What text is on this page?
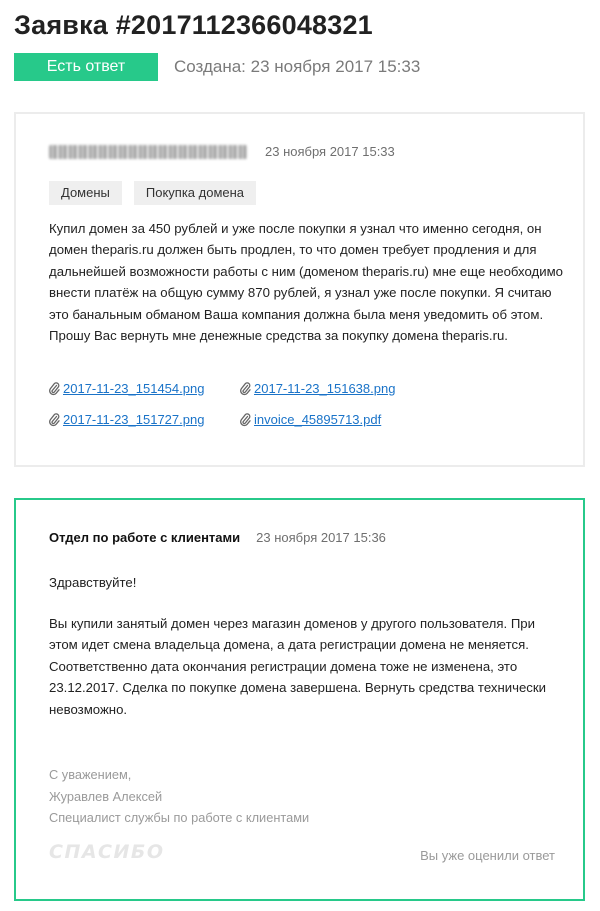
Заявка #2017112366048321
Есть ответ	Создана: 23 ноября 2017 15:33
23 ноября 2017 15:33
Домены	Покупка домена

Купил домен за 450 рублей и уже после покупки я узнал что именно сегодня, он домен theparis.ru должен быть продлен, то что домен требует продления и для дальнейшей возможности работы с ним (доменом theparis.ru) мне еще необходимо внести платёж на общую сумму 870 рублей, я узнал уже после покупки. Я считаю это банальным обманом Ваша компания должна была меня уведомить об этом.

Прошу Вас вернуть мне денежные средства за покупку домена theparis.ru.

2017-11-23_151454.png	2017-11-23_151638.png
2017-11-23_151727.png	invoice_45895713.pdf
Отдел по работе с клиентами 23 ноября 2017 15:36
Здравствуйте!

Вы купили занятый домен через магазин доменов у другого пользователя. При этом идет смена владельца домена, а дата регистрации домена не меняется. Соответственно дата окончания регистрации домена тоже не изменена, это 23.12.2017. Сделка по покупке домена завершена. Вернуть средства технически невозможно.

С уважением,
Журавлев Алексей
Специалист службы по работе с клиентами
СПАСИБО	Вы уже оценили ответ
